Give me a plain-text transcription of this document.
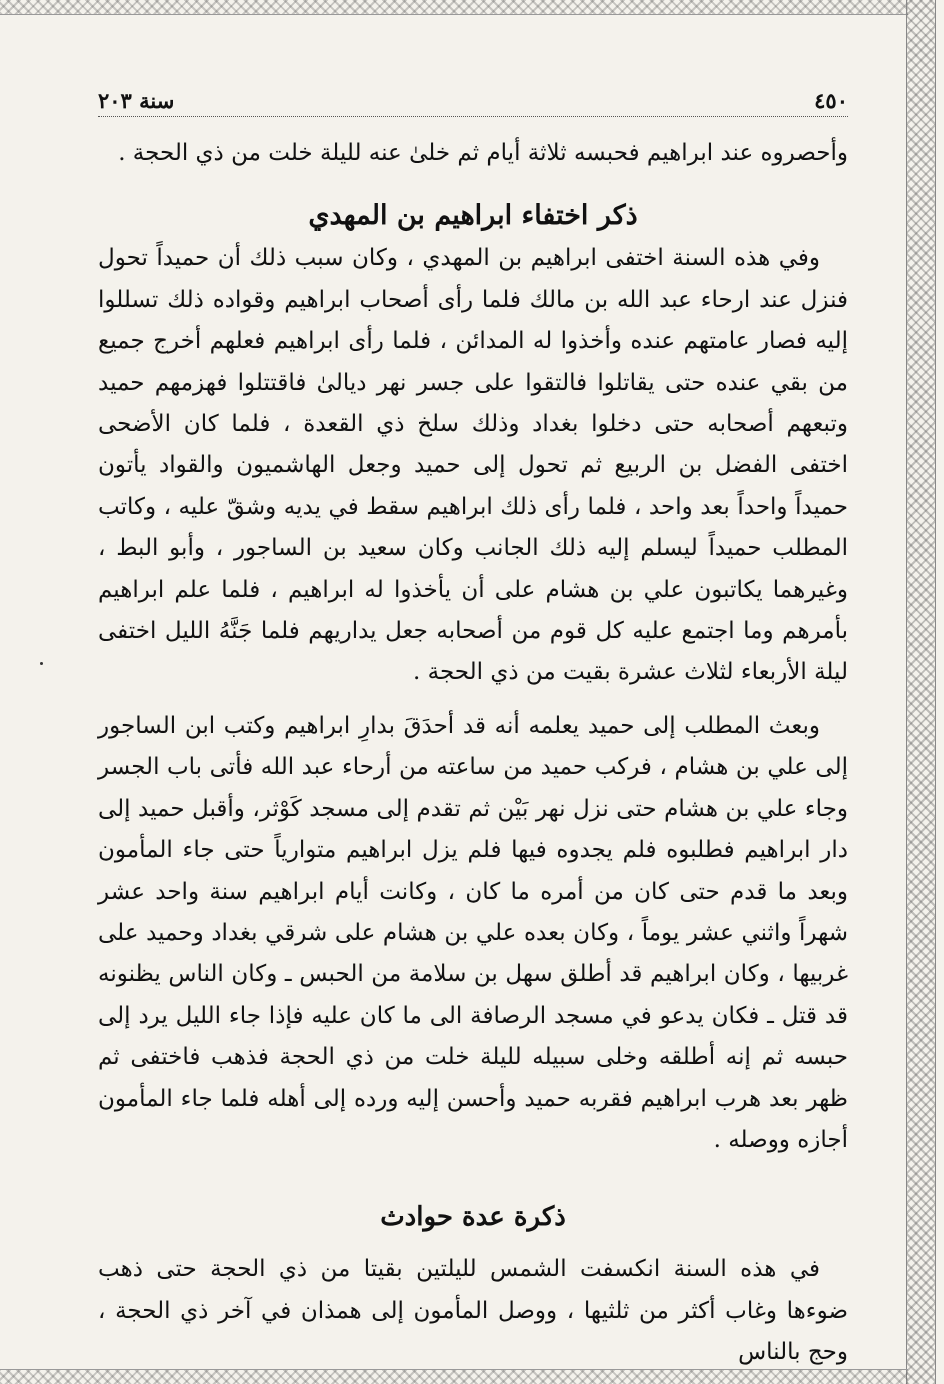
٤٥٠
سنة ٢٠٣

وأحصروه عند ابراهيم فحبسه ثلاثة أيام ثم خلىٰ عنه لليلة خلت من ذي الحجة .

ذكر اختفاء ابراهيم بن المهدي

وفي هذه السنة اختفى ابراهيم بن المهدي ، وكان سبب ذلك أن حميداً تحول فنزل عند ارحاء عبد الله بن مالك فلما رأى أصحاب ابراهيم وقواده ذلك تسللوا إليه فصار عامتهم عنده وأخذوا له المدائن ، فلما رأى ابراهيم فعلهم أخرج جميع من بقي عنده حتى يقاتلوا فالتقوا على جسر نهر ديالىٰ فاقتتلوا فهزمهم حميد وتبعهم أصحابه حتى دخلوا بغداد وذلك سلخ ذي القعدة ، فلما كان الأضحى اختفى الفضل بن الربيع ثم تحول إلى حميد وجعل الهاشميون والقواد يأتون حميداً واحداً بعد واحد ، فلما رأى ذلك ابراهيم سقط في يديه وشقّ عليه ، وكاتب المطلب حميداً ليسلم إليه ذلك الجانب وكان سعيد بن الساجور ، وأبو البط ، وغيرهما يكاتبون علي بن هشام على أن يأخذوا له ابراهيم ، فلما علم ابراهيم بأمرهم وما اجتمع عليه كل قوم من أصحابه جعل يداريهم فلما جَنَّهُ الليل اختفى ليلة الأربعاء لثلاث عشرة بقيت من ذي الحجة .

وبعث المطلب إلى حميد يعلمه أنه قد أحدَقَ بدارِ ابراهيم وكتب ابن الساجور إلى علي بن هشام ، فركب حميد من ساعته من أرحاء عبد الله فأتى باب الجسر وجاء علي بن هشام حتى نزل نهر بَيْن ثم تقدم إلى مسجد كَوْثر، وأقبل حميد إلى دار ابراهيم فطلبوه فلم يجدوه فيها فلم يزل ابراهيم متوارياً حتى جاء المأمون وبعد ما قدم حتى كان من أمره ما كان ، وكانت أيام ابراهيم سنة واحد عشر شهراً واثني عشر يوماً ، وكان بعده علي بن هشام على شرقي بغداد وحميد على غربيها ، وكان ابراهيم قد أطلق سهل بن سلامة من الحبس ـ وكان الناس يظنونه قد قتل ـ فكان يدعو في مسجد الرصافة الى ما كان عليه فإذا جاء الليل يرد إلى حبسه ثم إنه أطلقه وخلى سبيله لليلة خلت من ذي الحجة فذهب فاختفى ثم ظهر بعد هرب ابراهيم فقربه حميد وأحسن إليه ورده إلى أهله فلما جاء المأمون أجازه ووصله .

ذكرة عدة حوادث

في هذه السنة انكسفت الشمس لليلتين بقيتا من ذي الحجة حتى ذهب ضوءها وغاب أكثر من ثلثيها ، ووصل المأمون إلى همذان في آخر ذي الحجة ، وحج بالناس
